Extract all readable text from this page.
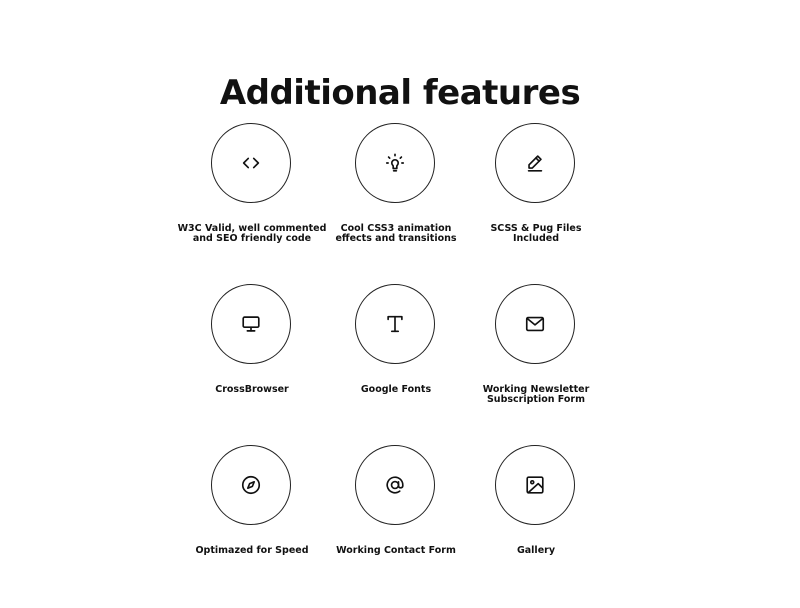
Additional features
W3C Valid, well commented
and SEO friendly code
Cool CSS3 animation
effects and transitions
SCSS & Pug Files
Included
CrossBrowser	Google Fonts	Working Newsletter
Subscription Form
Optimazed for Speed	Working Contact Form	Gallery
